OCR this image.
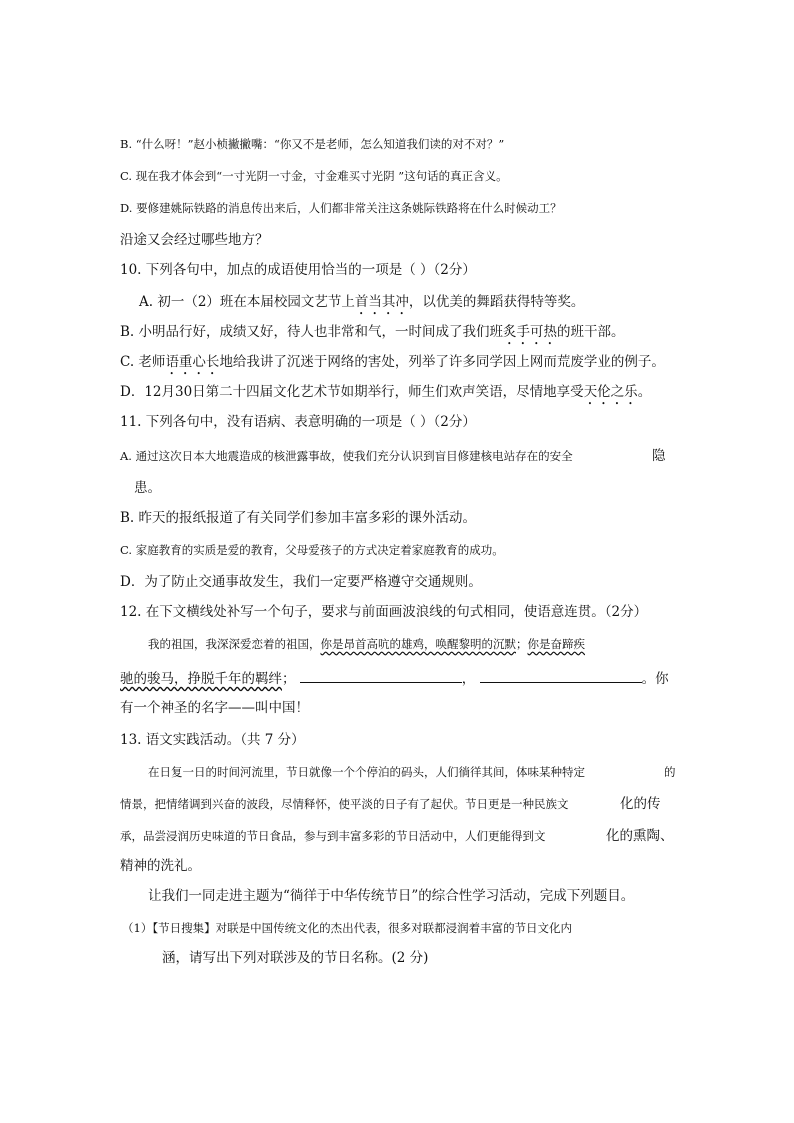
B. “什么呀！”赵小桢撇撇嘴：“你又不是老师，怎么知道我们读的对不对？”
C. 现在我才体会到“一寸光阴一寸金，寸金难买寸光阴 ”这句话的真正含义。
D. 要修建姚际铁路的消息传出来后，人们都非常关注这条姚际铁路将在什么时候动工？
沿途又会经过哪些地方？
10. 下列各句中，加点的成语使用恰当的一项是（ ）（2分）
A. 初一（2）班在本届校园文艺节上首当其冲，以优美的舞蹈获得特等奖。
B. 小明品行好，成绩又好，待人也非常和气，一时间成了我们班炙手可热的班干部。
C. 老师语重心长地给我讲了沉迷于网络的害处，列举了许多同学因上网而荒废学业的例子。
D．12月30日第二十四届文化艺术节如期举行，师生们欢声笑语，尽情地享受天伦之乐。
11. 下列各句中，没有语病、表意明确的一项是（ ）（2分）
A. 通过这次日本大地震造成的核泄露事故，使我们充分认识到盲目修建核电站存在的安全	隐
患。
B. 昨天的报纸报道了有关同学们参加丰富多彩的课外活动。
C. 家庭教育的实质是爱的教育，父母爱孩子的方式决定着家庭教育的成功。
D．为了防止交通事故发生，我们一定要严格遵守交通规则。
12. 在下文横线处补写一个句子，要求与前面画波浪线的句式相同，使语意连贯。（2分）
我的祖国，我深深爱恋着的祖国，你是昂首高吭的雄鸡，唤醒黎明的沉默；你是奋蹄疾
驰的骏马，挣脱千年的羁绊；	，	。你
有一个神圣的名字——叫中国！
13. 语文实践活动。（共 7 分）
在日复一日的时间河流里，节日就像一个个停泊的码头，人们徜徉其间，体味某种特定	的
情景，把情绪调到兴奋的波段，尽情释怀，使平淡的日子有了起伏。节日更是一种民族文	化的传
承，品尝浸润历史味道的节日食品，参与到丰富多彩的节日活动中，人们更能得到文	化的熏陶、
精神的洗礼。
让我们一同走进主题为“徜徉于中华传统节日”的综合性学习活动，完成下列题目。
（1）【节日搜集】对联是中国传统文化的杰出代表，很多对联都浸润着丰富的节日文化内
涵，请写出下列对联涉及的节日名称。(2 分)
